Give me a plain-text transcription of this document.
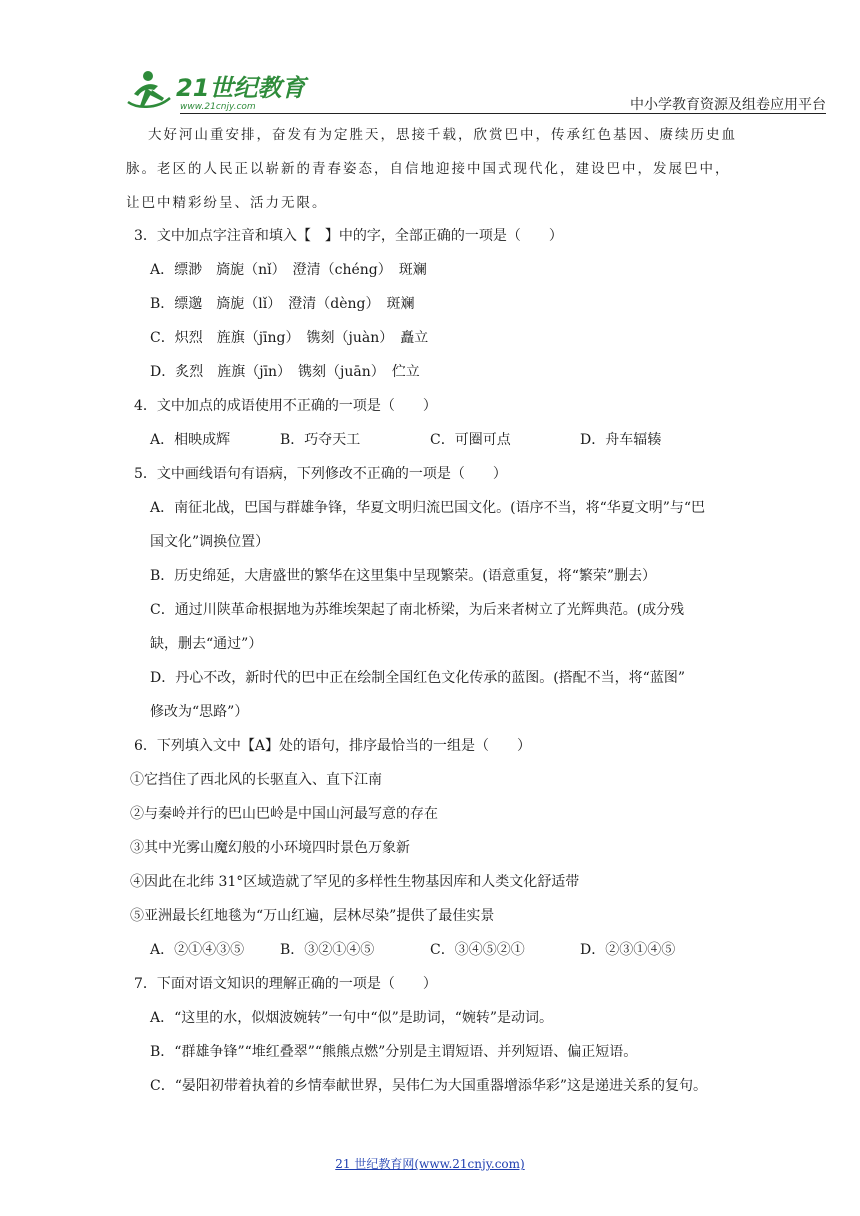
21世纪教育
www.21cnjy.com	中小学教育资源及组卷应用平台
大好河山重安排，奋发有为定胜天，思接千载，欣赏巴中，传承红色基因、赓续历史血
脉。老区的人民正以崭新的青春姿态，自信地迎接中国式现代化，建设巴中，发展巴中，
让巴中精彩纷呈、活力无限。
3．文中加点字注音和填入【　】中的字，全部正确的一项是（　　）
A．缥渺　旖旎（nǐ）　澄清（chéng）　斑斓
B．缥邈　旖旎（lǐ）　澄清（dèng）　斑斓
C．炽烈　旌旗（jīng）　镌刻（juàn）　矗立
D．炙烈　旌旗（jīn）　镌刻（juān）　伫立
4．文中加点的成语使用不正确的一项是（　　）
A．相映成辉	B．巧夺天工	C．可圈可点	D．舟车辐辏
5．文中画线语句有语病，下列修改不正确的一项是（　　）
A．南征北战，巴国与群雄争锋，华夏文明归流巴国文化。(语序不当，将“华夏文明”与“巴
国文化”调换位置）
B．历史绵延，大唐盛世的繁华在这里集中呈现繁荣。(语意重复，将“繁荣”删去）
C．通过川陕革命根据地为苏维埃架起了南北桥梁，为后来者树立了光辉典范。(成分残
缺，删去“通过”）
D．丹心不改，新时代的巴中正在绘制全国红色文化传承的蓝图。(搭配不当，将“蓝图”
修改为“思路”）
6．下列填入文中【A】处的语句，排序最恰当的一组是（　　）
①它挡住了西北风的长驱直入、直下江南
②与秦岭并行的巴山巴岭是中国山河最写意的存在
③其中光雾山魔幻般的小环境四时景色万象新
④因此在北纬 31°区域造就了罕见的多样性生物基因库和人类文化舒适带
⑤亚洲最长红地毯为“万山红遍，层林尽染”提供了最佳实景
A．②①④③⑤	B．③②①④⑤	C．③④⑤②①	D．②③①④⑤
7．下面对语文知识的理解正确的一项是（　　）
A．“这里的水，似烟波婉转”一句中“似”是助词，“婉转”是动词。
B．“群雄争锋”“堆红叠翠”“熊熊点燃”分别是主谓短语、并列短语、偏正短语。
C．“晏阳初带着执着的乡情奉献世界，吴伟仁为大国重器增添华彩”这是递进关系的复句。
21 世纪教育网(www.21cnjy.com)
